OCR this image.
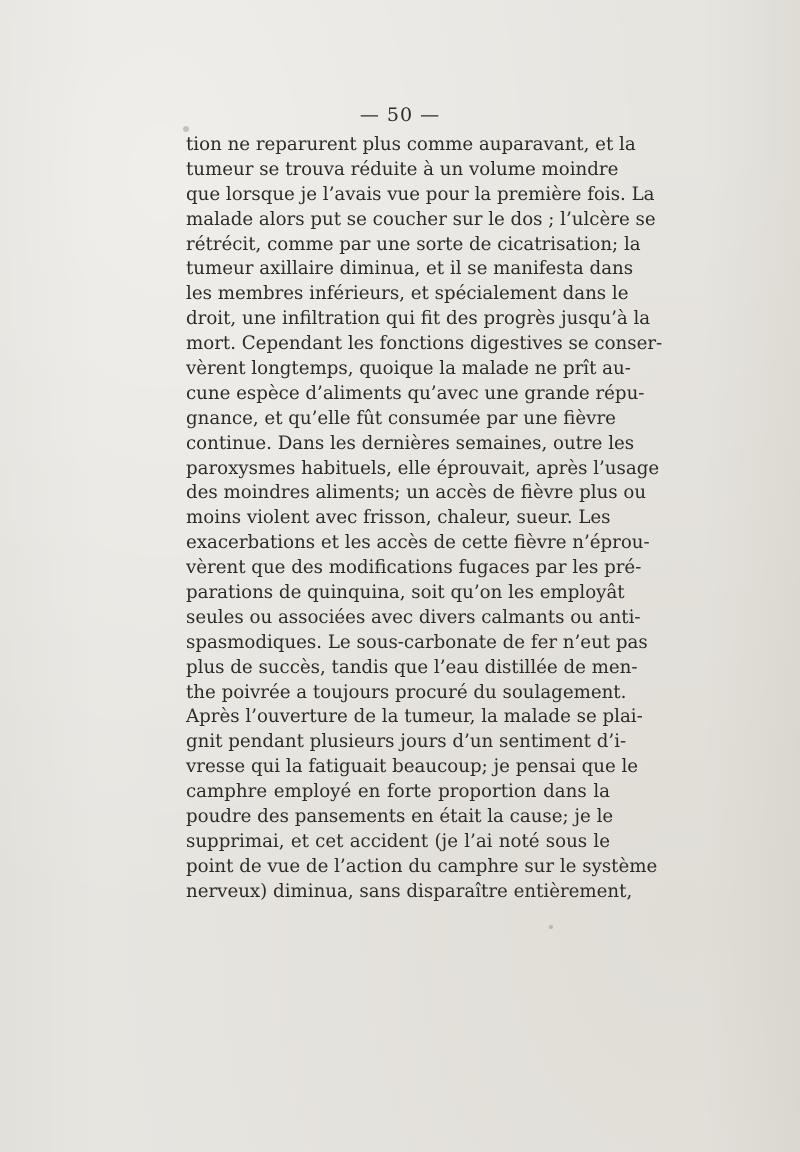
— 50 —
tion ne reparurent plus comme auparavant, et la
tumeur se trouva réduite à un volume moindre
que lorsque je l’avais vue pour la première fois. La
malade alors put se coucher sur le dos ; l’ulcère se
rétrécit, comme par une sorte de cicatrisation; la
tumeur axillaire diminua, et il se manifesta dans
les membres inférieurs, et spécialement dans le
droit, une infiltration qui fit des progrès jusqu’à la
mort. Cependant les fonctions digestives se conser-
vèrent longtemps, quoique la malade ne prît au-
cune espèce d’aliments qu’avec une grande répu-
gnance, et qu’elle fût consumée par une fièvre
continue. Dans les dernières semaines, outre les
paroxysmes habituels, elle éprouvait, après l’usage
des moindres aliments; un accès de fièvre plus ou
moins violent avec frisson, chaleur, sueur. Les
exacerbations et les accès de cette fièvre n’éprou-
vèrent que des modifications fugaces par les pré-
parations de quinquina, soit qu’on les employât
seules ou associées avec divers calmants ou anti-
spasmodiques. Le sous-carbonate de fer n’eut pas
plus de succès, tandis que l’eau distillée de men-
the poivrée a toujours procuré du soulagement.
Après l’ouverture de la tumeur, la malade se plai-
gnit pendant plusieurs jours d’un sentiment d’i-
vresse qui la fatiguait beaucoup; je pensai que le
camphre employé en forte proportion dans la
poudre des pansements en était la cause; je le
supprimai, et cet accident (je l’ai noté sous le
point de vue de l’action du camphre sur le système
nerveux) diminua, sans disparaître entièrement,
